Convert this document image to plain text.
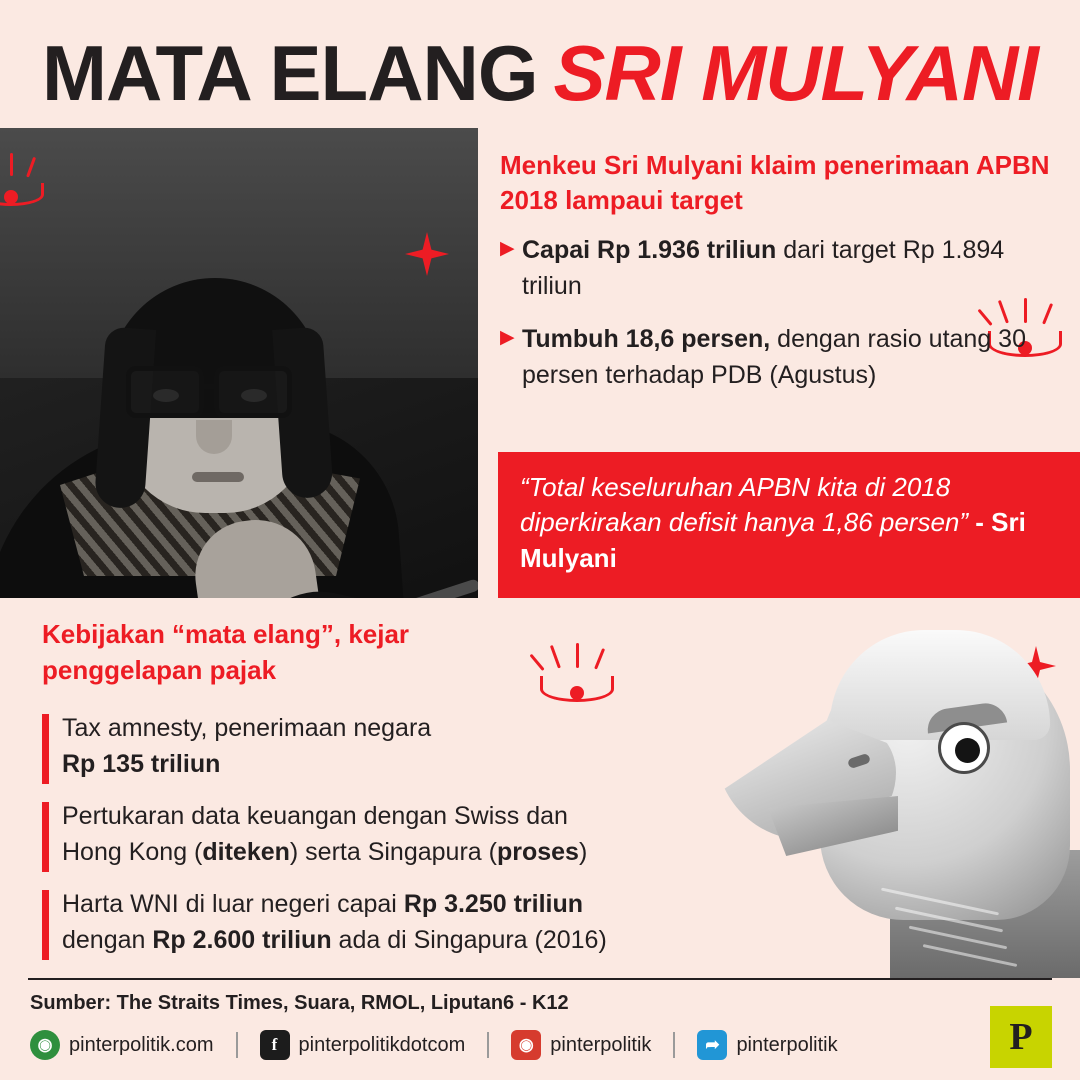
MATA ELANG SRI MULYANI
Menkeu Sri Mulyani klaim penerimaan APBN 2018 lampaui target
▶ Capai Rp 1.936 triliun dari target Rp 1.894 triliun
▶ Tumbuh 18,6 persen, dengan rasio utang 30 persen terhadap PDB (Agustus)
“Total keseluruhan APBN kita di 2018 diperkirakan defisit hanya 1,86 persen” - Sri Mulyani
Kebijakan “mata elang”, kejar penggelapan pajak
Tax amnesty, penerimaan negara
Rp 135 triliun
Pertukaran data keuangan dengan Swiss dan
Hong Kong (diteken) serta Singapura (proses)
Harta WNI di luar negeri capai Rp 3.250 triliun
dengan Rp 2.600 triliun ada di Singapura (2016)
Sumber: The Straits Times, Suara, RMOL, Liputan6 - K12
◉ pinterpolitik.com	f	pinterpolitikdotcom	◉ pinterpolitik	➦ pinterpolitik	P
